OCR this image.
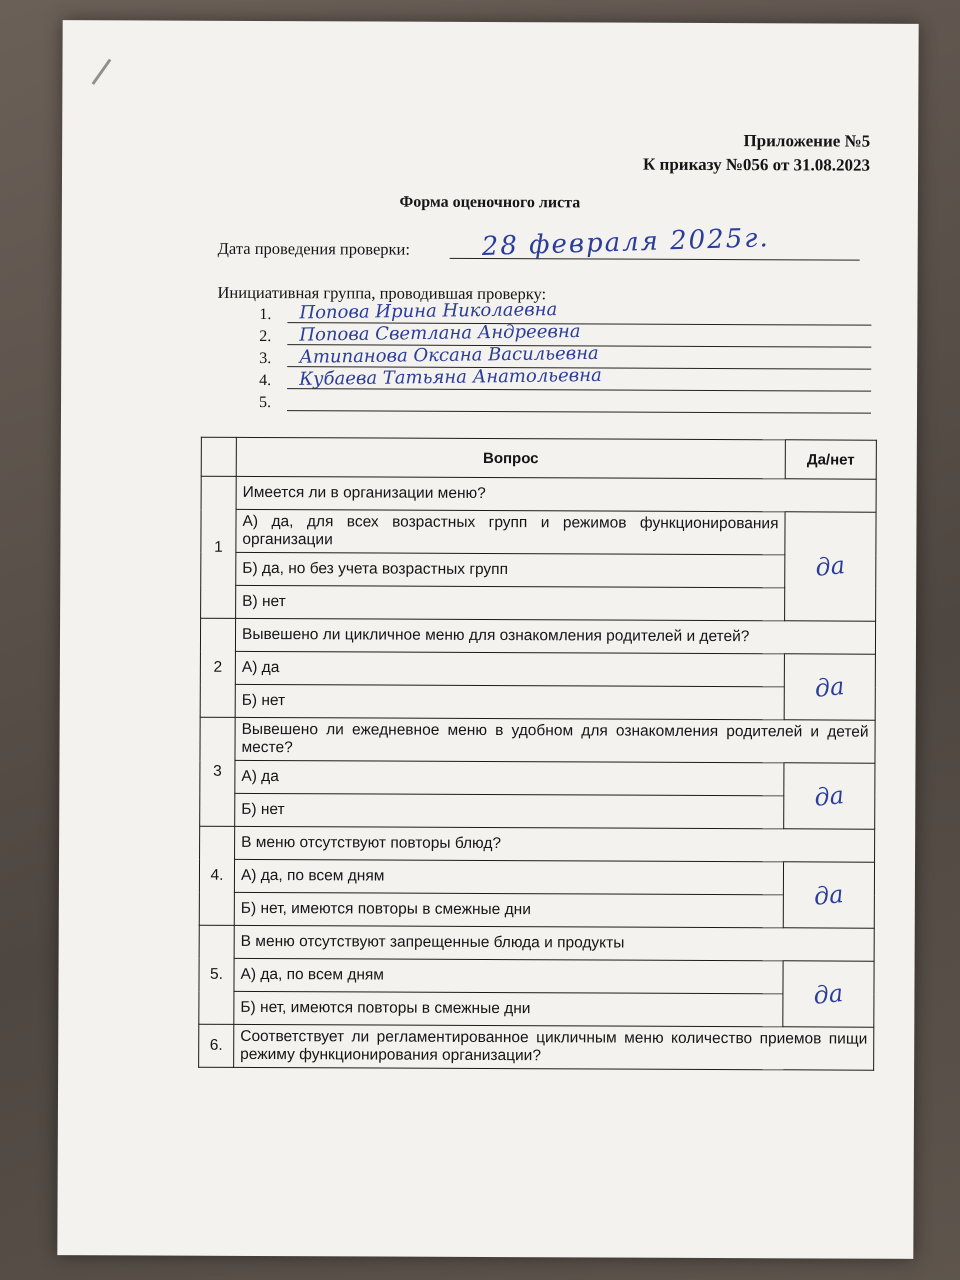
Приложение №5
К приказу №056 от 31.08.2023
Форма оценочного листа
Дата проведения проверки:	28 февраля 2025г.
Инициативная группа, проводившая проверку:
1. Попова Ирина Николаевна
2. Попова Светлана Андреевна
3. Атипанова Оксана Васильевна
4. Кубаева Татьяна Анатольевна
5.
	Вопрос	Да/нет
1	Имеется ли в организации меню?	
	А) да, для всех возрастных групп и режимов функционирования организации	да
	Б) да, но без учета возрастных групп	
	В) нет	
2	Вывешено ли цикличное меню для ознакомления родителей и детей?	
	А) да	да
	Б) нет	
3	Вывешено ли ежедневное меню в удобном для ознакомления родителей и детей месте?	
	А) да	да
	Б) нет	
4.	В меню отсутствуют повторы блюд?	
	А) да, по всем дням	да
	Б) нет, имеются повторы в смежные дни	
5.	В меню отсутствуют запрещенные блюда и продукты	
	А) да, по всем дням	да
	Б) нет, имеются повторы в смежные дни	
6.	Соответствует ли регламентированное цикличным меню количество приемов пищи режиму функционирования организации?	
